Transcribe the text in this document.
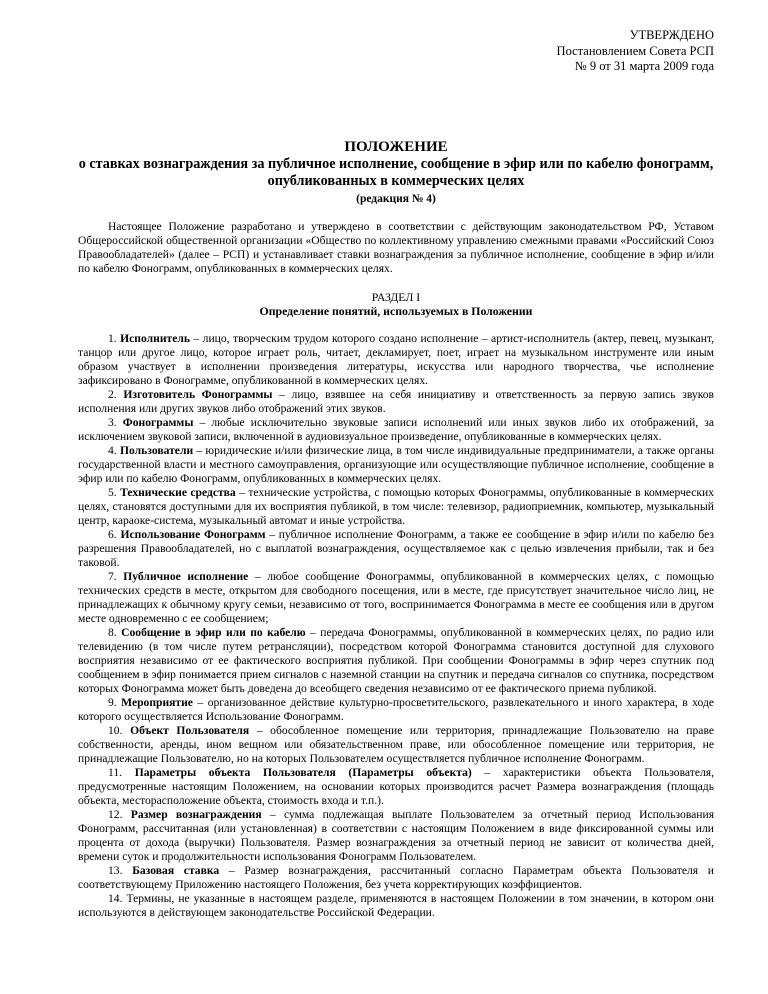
УТВЕРЖДЕНО
Постановлением Совета РСП
№ 9 от 31 марта 2009 года
ПОЛОЖЕНИЕ
о ставках вознаграждения за публичное исполнение, сообщение в эфир или по кабелю фонограмм, опубликованных в коммерческих целях
(редакция № 4)

Настоящее Положение разработано и утверждено в соответствии с действующим законодательством РФ, Уставом Общероссийской общественной организации «Общество по коллективному управлению смежными правами «Российский Союз Правообладателей» (далее – РСП) и устанавливает ставки вознаграждения за публичное исполнение, сообщение в эфир и/или по кабелю Фонограмм, опубликованных в коммерческих целях.

РАЗДЕЛ I
Определение понятий, используемых в Положении

1. Исполнитель – лицо, творческим трудом которого создано исполнение – артист-исполнитель (актер, певец, музыкант, танцор или другое лицо, которое играет роль, читает, декламирует, поет, играет на музыкальном инструменте или иным образом участвует в исполнении произведения литературы, искусства или народного творчества, чье исполнение зафиксировано в Фонограмме, опубликованной в коммерческих целях.

2. Изготовитель Фонограммы – лицо, взявшее на себя инициативу и ответственность за первую запись звуков исполнения или других звуков либо отображений этих звуков.

3. Фонограммы – любые исключительно звуковые записи исполнений или иных звуков либо их отображений, за исключением звуковой записи, включенной в аудиовизуальное произведение, опубликованные в коммерческих целях.

4. Пользователи – юридические и/или физические лица, в том числе индивидуальные предприниматели, а также органы государственной власти и местного самоуправления, организующие или осуществляющие публичное исполнение, сообщение в эфир или по кабелю Фонограмм, опубликованных в коммерческих целях.

5. Технические средства – технические устройства, с помощью которых Фонограммы, опубликованные в коммерческих целях, становятся доступными для их восприятия публикой, в том числе: телевизор, радиоприемник, компьютер, музыкальный центр, караоке-система, музыкальный автомат и иные устройства.

6. Использование Фонограмм – публичное исполнение Фонограмм, а также ее сообщение в эфир и/или по кабелю без разрешения Правообладателей, но с выплатой вознаграждения, осуществляемое как с целью извлечения прибыли, так и без таковой.

7. Публичное исполнение – любое сообщение Фонограммы, опубликованной в коммерческих целях, с помощью технических средств в месте, открытом для свободного посещения, или в месте, где присутствует значительное число лиц, не принадлежащих к обычному кругу семьи, независимо от того, воспринимается Фонограмма в месте ее сообщения или в другом месте одновременно с ее сообщением;

8. Сообщение в эфир или по кабелю – передача Фонограммы, опубликованной в коммерческих целях, по радио или телевидению (в том числе путем ретрансляции), посредством которой Фонограмма становится доступной для слухового восприятия независимо от ее фактического восприятия публикой. При сообщении Фонограммы в эфир через спутник под сообщением в эфир понимается прием сигналов с наземной станции на спутник и передача сигналов со спутника, посредством которых Фонограмма может быть доведена до всеобщего сведения независимо от ее фактического приема публикой.

9. Мероприятие – организованное действие культурно-просветительского, развлекательного и иного характера, в ходе которого осуществляется Использование Фонограмм.

10. Объект Пользователя – обособленное помещение или территория, принадлежащие Пользователю на праве собственности, аренды, ином вещном или обязательственном праве, или обособленное помещение или территория, не принадлежащие Пользователю, но на которых Пользователем осуществляется публичное исполнение Фонограмм.

11. Параметры объекта Пользователя (Параметры объекта) – характеристики объекта Пользователя, предусмотренные настоящим Положением, на основании которых производится расчет Размера вознаграждения (площадь объекта, месторасположение объекта, стоимость входа и т.п.).

12. Размер вознаграждения – сумма подлежащая выплате Пользователем за отчетный период Использования Фонограмм, рассчитанная (или установленная) в соответствии с настоящим Положением в виде фиксированной суммы или процента от дохода (выручки) Пользователя. Размер вознаграждения за отчетный период не зависит от количества дней, времени суток и продолжительности использования Фонограмм Пользователем.

13. Базовая ставка – Размер вознаграждения, рассчитанный согласно Параметрам объекта Пользователя и соответствующему Приложению настоящего Положения, без учета корректирующих коэффициентов.

14. Термины, не указанные в настоящем разделе, применяются в настоящем Положении в том значении, в котором они используются в действующем законодательстве Российской Федерации.
